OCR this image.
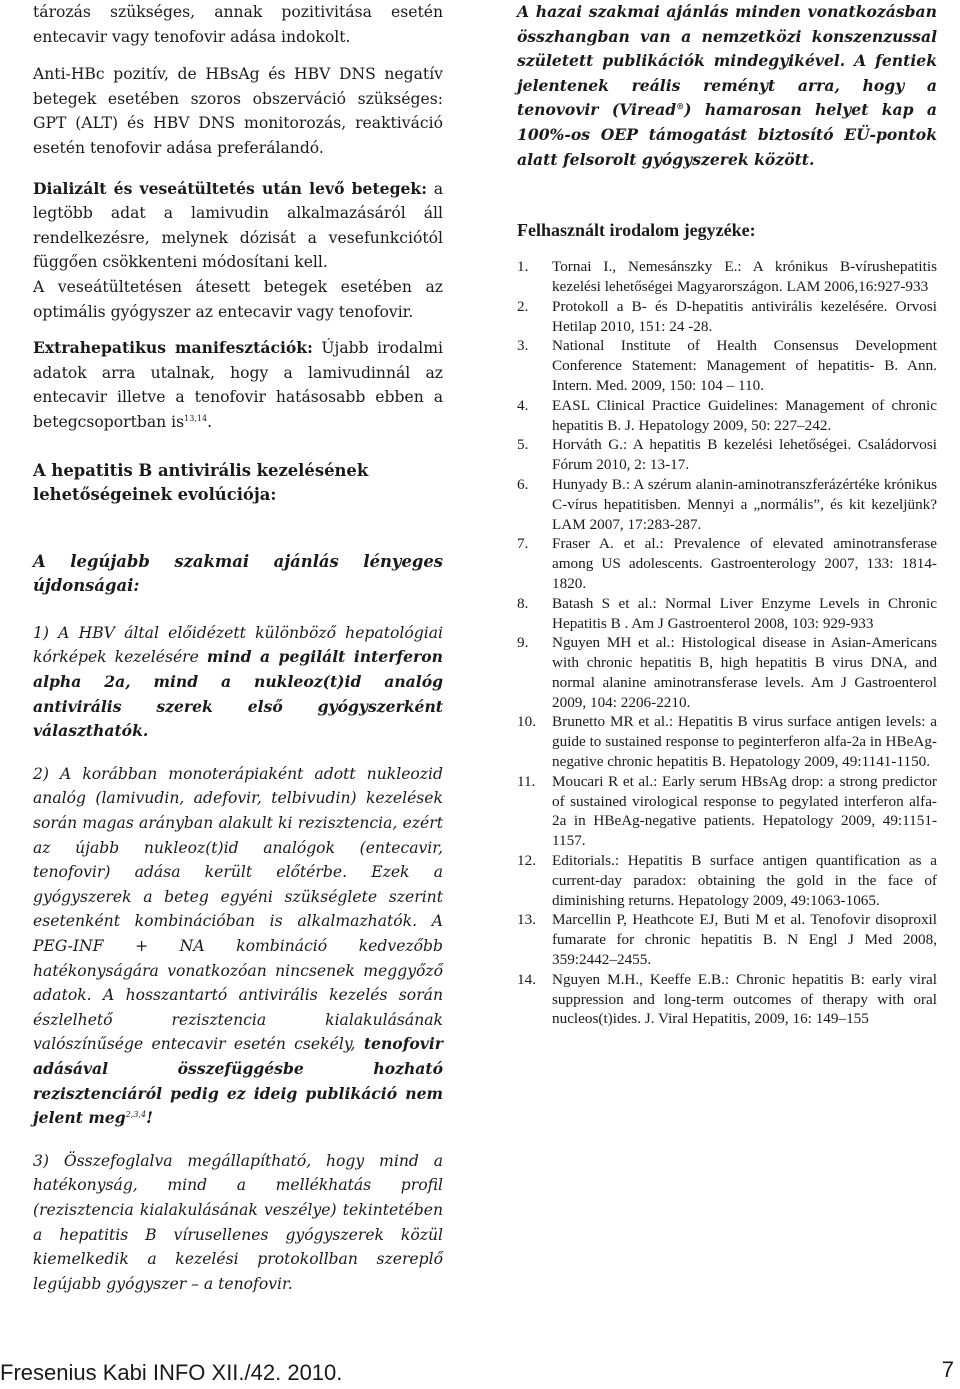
tározás szükséges, annak pozitivitása esetén entecavir vagy tenofovir adása indokolt.

Anti-HBc pozitív, de HBsAg és HBV DNS negatív betegek esetében szoros obszerváció szükséges: GPT (ALT) és HBV DNS monitorozás, reaktiváció esetén tenofovir adása preferálandó.

Dializált és veseátültetés után levő betegek: a legtöbb adat a lamivudin alkalmazásáról áll rendelkezésre, melynek dózisát a vesefunkciótól függően csökkenteni módosítani kell.

A veseátültetésen átesett betegek esetében az optimális gyógyszer az entecavir vagy tenofovir.

Extrahepatikus manifesztációk: Újabb irodalmi adatok arra utalnak, hogy a lamivudinnál az entecavir illetve a tenofovir hatásosabb ebben a betegcsoportban is$^{13,14}$.

A hepatitis B antivirális kezelésének lehetőségeinek evolúciója:

A legújabb szakmai ajánlás lényeges újdonságai:

1) A HBV által előidézett különböző hepatológiai kórképek kezelésére mind a pegilált interferon alpha 2a, mind a nukleoz(t)id analóg antivirális szerek első gyógyszerként választhatók.

2) A korábban monoterápiaként adott nukleozid analóg (lamivudin, adefovir, telbivudin) kezelések során magas arányban alakult ki rezisztencia, ezért az újabb nukleoz(t)id analógok (entecavir, tenofovir) adása került előtérbe. Ezek a gyógyszerek a beteg egyéni szükséglete szerint esetenként kombinációban is alkalmazhatók. A PEG-INF + NA kombináció kedvezőbb hatékonyságára vonatkozóan nincsenek meggyőző adatok. A hosszantartó antivirális kezelés során észlelhető rezisztencia kialakulásának valószínűsége entecavir esetén csekély, tenofovir adásával összefüggésbe hozható rezisztenciáról pedig ez ideig publikáció nem jelent meg$^{2,3,4}$!

3) Összefoglalva megállapítható, hogy mind a hatékonyság, mind a mellékhatás profil (rezisztencia kialakulásának veszélye) tekintetében a hepatitis B vírusellenes gyógyszerek közül kiemelkedik a kezelési protokollban szereplő legújabb gyógyszer – a tenofovir.

A hazai szakmai ajánlás minden vonatkozásban összhangban van a nemzetközi konszenzussal született publikációk mindegyikével. A fentiek jelentenek reális reményt arra, hogy a tenovovir (Viread®) hamarosan helyet kap a 100%-os OEP támogatást biztosító EÜ-pontok alatt felsorolt gyógyszerek között.

Felhasznált irodalom jegyzéke:

1. Tornai I., Nemesánszky E.: A krónikus B-vírushepatitis kezelési lehetőségei Magyarországon. LAM 2006,16:927-933
2. Protokoll a B- és D-hepatitis antivirális kezelésére. Orvosi Hetilap 2010, 151: 24 -28.
3. National Institute of Health Consensus Development Conference Statement: Management of hepatitis- B. Ann. Intern. Med. 2009, 150: 104 – 110.
4. EASL Clinical Practice Guidelines: Management of chronic hepatitis B. J. Hepatology 2009, 50: 227–242.
5. Horváth G.: A hepatitis B kezelési lehetőségei. Családorvosi Fórum 2010, 2: 13-17.
6. Hunyady B.: A szérum alanin-aminotranszferázértéke krónikus C-vírus hepatitisben. Mennyi a „normális”, és kit kezeljünk? LAM 2007, 17:283-287.
7. Fraser A. et al.: Prevalence of elevated aminotransferase among US adolescents. Gastroenterology 2007, 133: 1814-1820.
8. Batash S et al.: Normal Liver Enzyme Levels in Chronic Hepatitis B . Am J Gastroenterol 2008, 103: 929-933
9. Nguyen MH et al.: Histological disease in Asian-Americans with chronic hepatitis B, high hepatitis B virus DNA, and normal alanine aminotransferase levels. Am J Gastroenterol 2009, 104: 2206-2210.
10. Brunetto MR et al.: Hepatitis B virus surface antigen levels: a guide to sustained response to peginterferon alfa-2a in HBeAg-negative chronic hepatitis B. Hepatology 2009, 49:1141-1150.
11. Moucari R et al.: Early serum HBsAg drop: a strong predictor of sustained virological response to pegylated interferon alfa-2a in HBeAg-negative patients. Hepatology 2009, 49:1151-1157.
12. Editorials.: Hepatitis B surface antigen quantification as a current-day paradox: obtaining the gold in the face of diminishing returns. Hepatology 2009, 49:1063-1065.
13. Marcellin P, Heathcote EJ, Buti M et al. Tenofovir disoproxil fumarate for chronic hepatitis B. N Engl J Med 2008, 359:2442–2455.
14. Nguyen M.H., Keeffe E.B.: Chronic hepatitis B: early viral suppression and long-term outcomes of therapy with oral nucleos(t)ides. J. Viral Hepatitis, 2009, 16: 149–155
Fresenius Kabi INFO XII./42. 2010.	7
